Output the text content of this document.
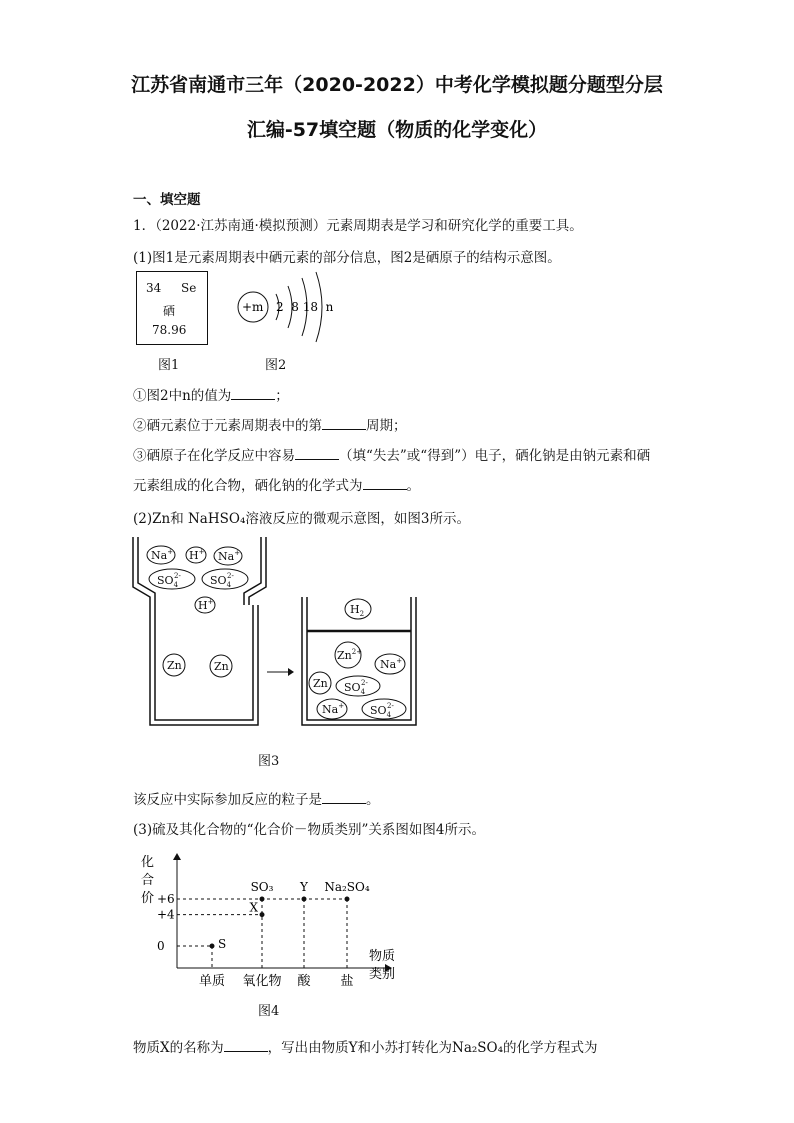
江苏省南通市三年（2020-2022）中考化学模拟题分题型分层
汇编-57填空题（物质的化学变化）
一、填空题
1．（2022·江苏南通·模拟预测）元素周期表是学习和研究化学的重要工具。
(1)图1是元素周期表中硒元素的部分信息，图2是硒原子的结构示意图。
34 Se
硒
78.96
+m 2  8 18  n
图1	图2
①图2中n的值为	；
②硒元素位于元素周期表中的第	周期；
③硒原子在化学反应中容易	（填“失去”或“得到”）电子，硒化钠是由钠元素和硒
元素组成的化合物，硒化钠的化学式为	。
(2)Zn和 NaHSO₄溶液反应的微观示意图，如图3所示。
Na+ H+ Na+
$SO_42-$	$SO_42-$
H+
Zn	Zn
$H_2$
$Zn^{2+}$
Na+
Zn $SO_42-$
Na+ $SO_42-$
图3
该反应中实际参加反应的粒子是	。
(3)硫及其化合物的“化合价－物质类别”关系图如图4所示。
化
合
价
物质
类别
+6
+4
0
单质 氧化物 酸 盐
S
X
SO₃ Y Na₂SO₄
图4
物质X的名称为	，写出由物质Y和小苏打转化为Na₂SO₄的化学方程式为
